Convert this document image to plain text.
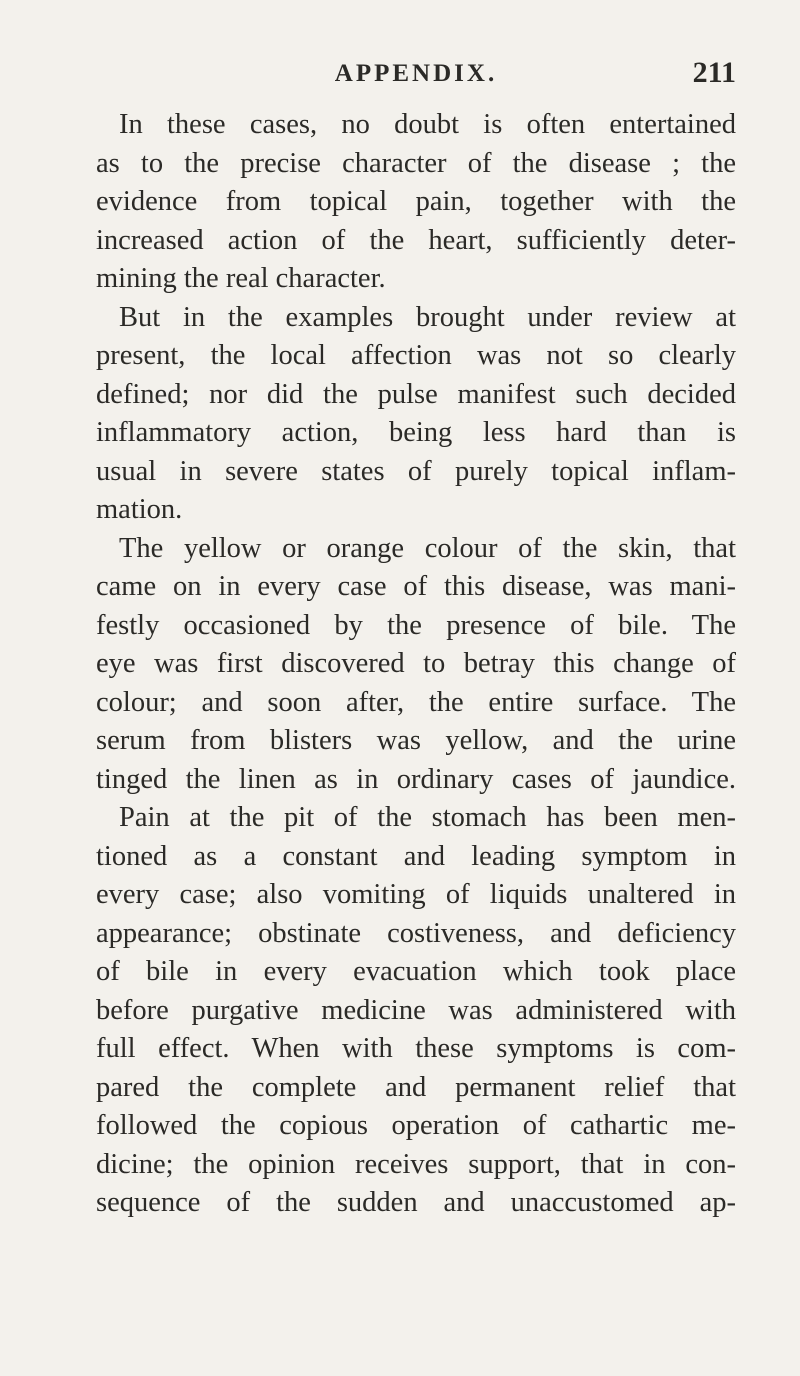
APPENDIX.	211
In these cases, no doubt is often entertained
as to the precise character of the disease ; the
evidence from topical pain, together with the
increased action of the heart, sufficiently deter-
mining the real character.
But in the examples brought under review at
present, the local affection was not so clearly
defined; nor did the pulse manifest such decided
inflammatory action, being less hard than is
usual in severe states of purely topical inflam-
mation.
The yellow or orange colour of the skin, that
came on in every case of this disease, was mani-
festly occasioned by the presence of bile. The
eye was first discovered to betray this change of
colour; and soon after, the entire surface. The
serum from blisters was yellow, and the urine
tinged the linen as in ordinary cases of jaundice.
Pain at the pit of the stomach has been men-
tioned as a constant and leading symptom in
every case; also vomiting of liquids unaltered in
appearance; obstinate costiveness, and deficiency
of bile in every evacuation which took place
before purgative medicine was administered with
full effect. When with these symptoms is com-
pared the complete and permanent relief that
followed the copious operation of cathartic me-
dicine; the opinion receives support, that in con-
sequence of the sudden and unaccustomed ap-
